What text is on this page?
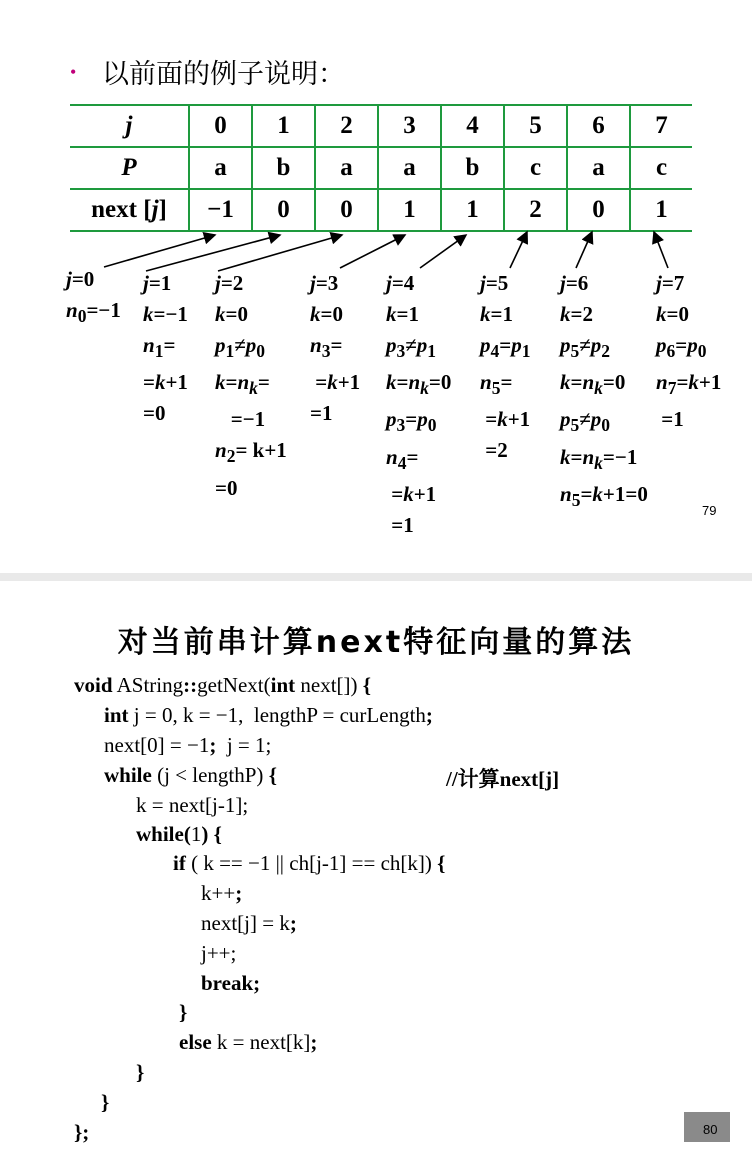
• 以前面的例子说明：
j	0	1	2	3	4	5	6	7
P	a	b	a	a	b	c	a	c
next [j]	−1	0	0	1	1	2	0	1
j=0
$n_0=-1$
j=1
k=−1
$n_1=$
=k+1
=0
j=2
k=0
$p_1\ne p_0$
$k=n_k=$
=−1
$n_2= k+1$
=0
j=3
k=0
$n_3=$
=k+1
=1
j=4
k=1
$p_3\ne p_1$
$k=n_k=0$
$p_3=p_0$
$n_4=$
=k+1
=1
j=5
k=1
$p_4=p_1$
$n_5=$
=k+1
=2
j=6
k=2
$p_5\ne p_2$
$k=n_k=0$
$p_5\ne p_0$
$k=n_k=-1$
$n_5=k+1=0$
j=7
k=0
$p_6=p_0$
$n_7=k+1$
=1
79
对当前串计算next特征向量的算法
void AString::getNext(int next[]) {
int j = 0, k = −1,  lengthP = curLength;
next[0] = −1;  j = 1;
while (j < lengthP) {	//计算next[j]
k = next[j-1];
while(1) {
if ( k == −1 || ch[j-1] == ch[k]) {
k++;
next[j] = k;
j++;
break;
}
else k = next[k];
}
}
};	80
